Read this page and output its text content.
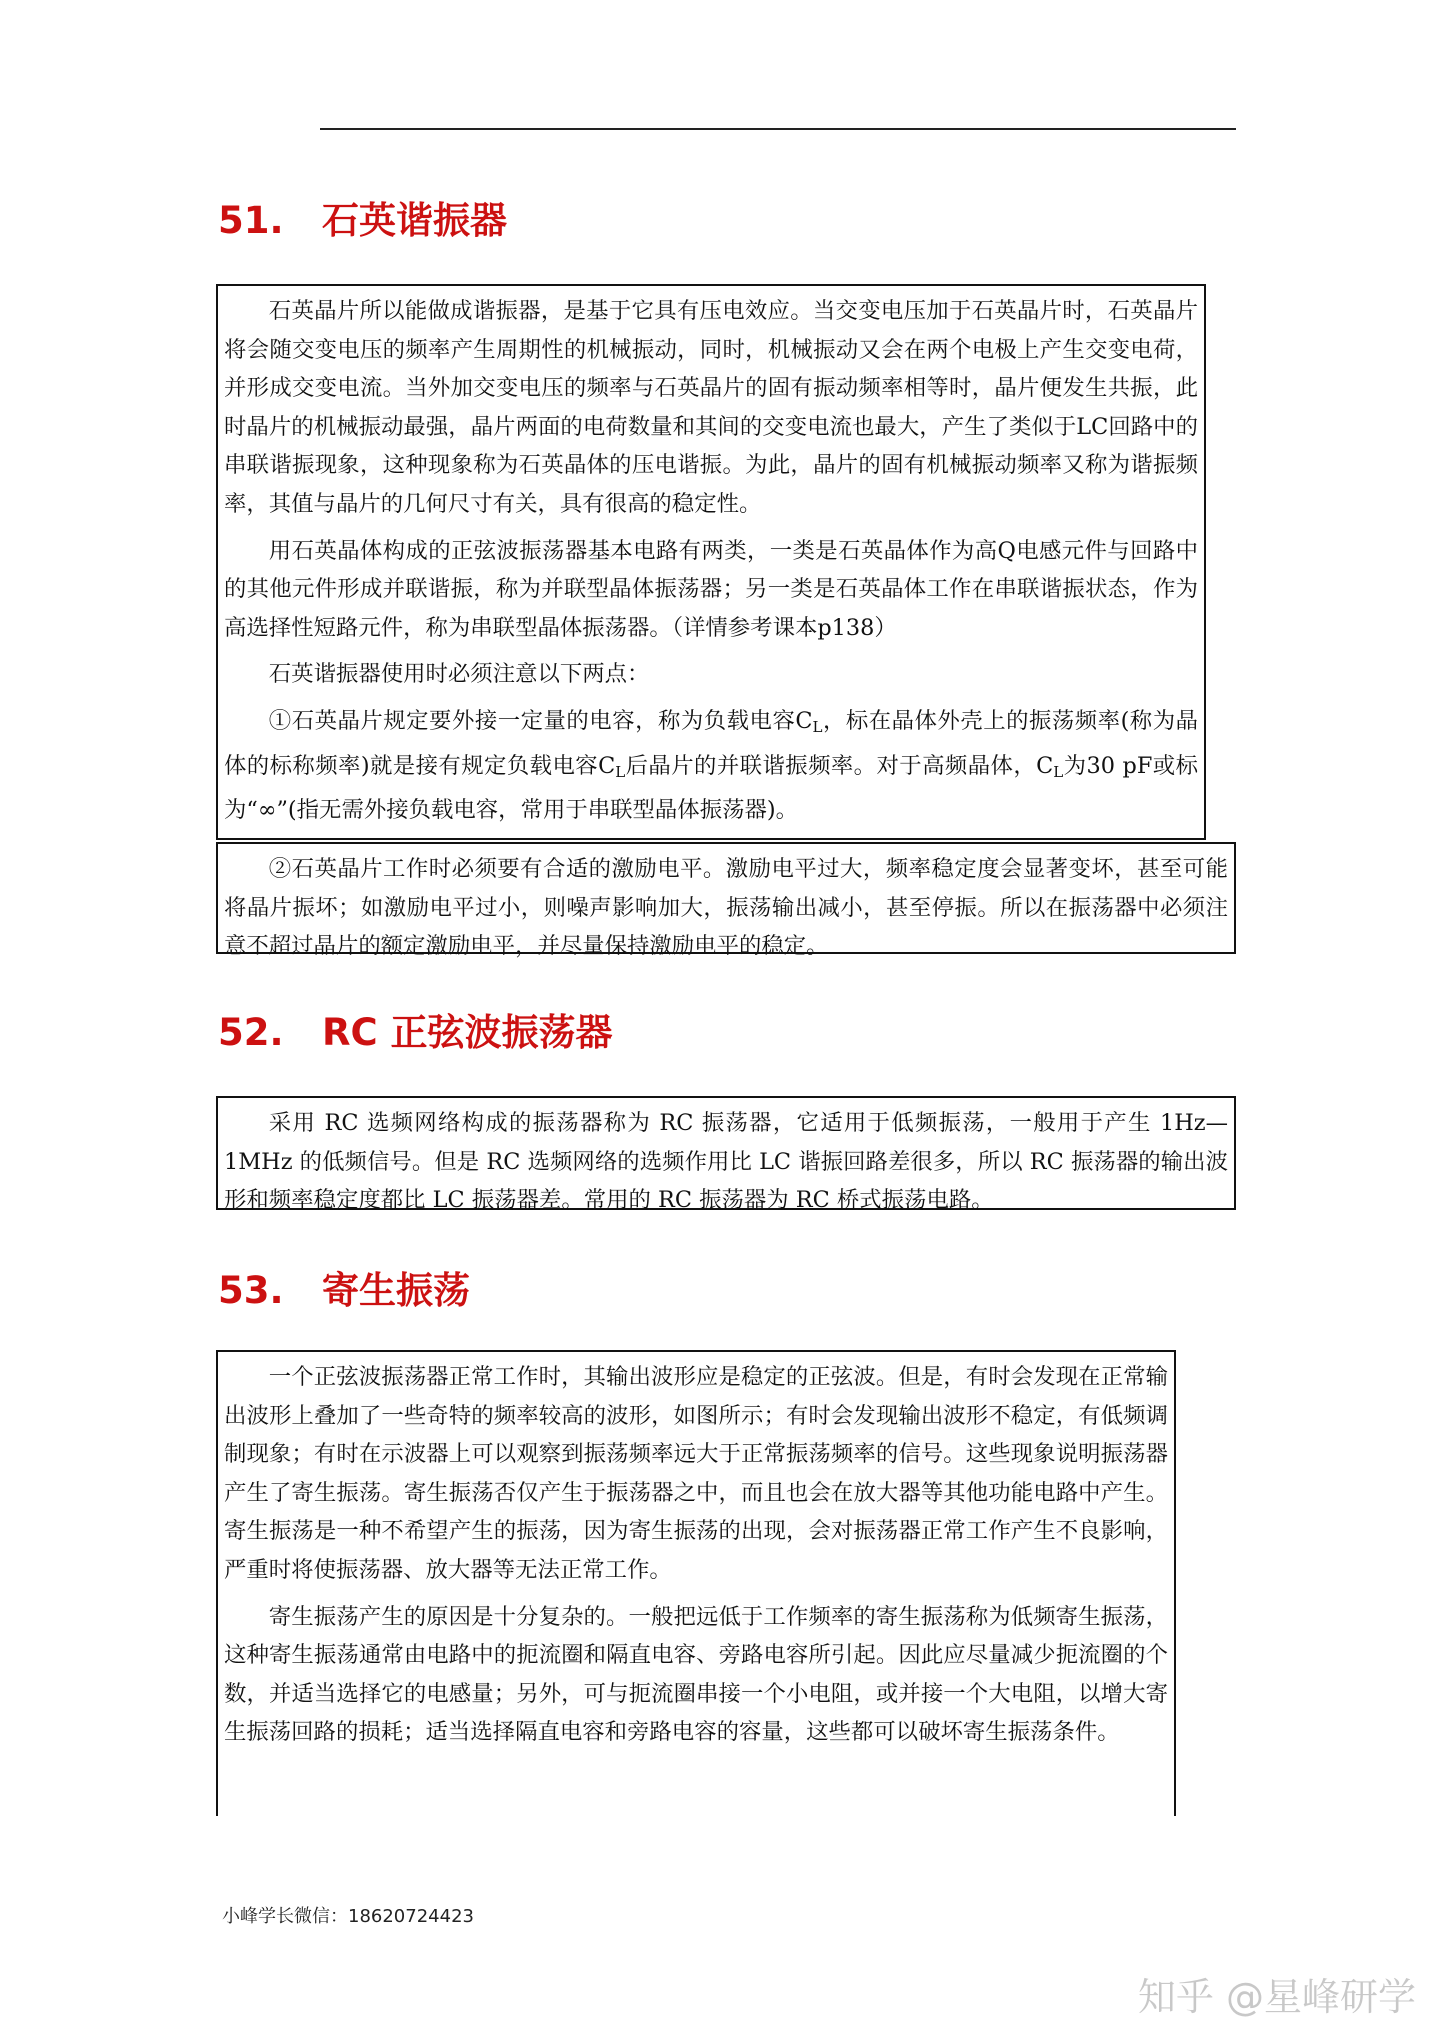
51. 石英谐振器

石英晶片所以能做成谐振器，是基于它具有压电效应。当交变电压加于石英晶片时，石英晶片将会随交变电压的频率产生周期性的机械振动，同时，机械振动又会在两个电极上产生交变电荷，并形成交变电流。当外加交变电压的频率与石英晶片的固有振动频率相等时，晶片便发生共振，此时晶片的机械振动最强，晶片两面的电荷数量和其间的交变电流也最大，产生了类似于LC回路中的串联谐振现象，这种现象称为石英晶体的压电谐振。为此，晶片的固有机械振动频率又称为谐振频率，其值与晶片的几何尺寸有关，具有很高的稳定性。

用石英晶体构成的正弦波振荡器基本电路有两类，一类是石英晶体作为高Q电感元件与回路中的其他元件形成并联谐振，称为并联型晶体振荡器；另一类是石英晶体工作在串联谐振状态，作为高选择性短路元件，称为串联型晶体振荡器。（详情参考课本p138）

石英谐振器使用时必须注意以下两点：

①石英晶片规定要外接一定量的电容，称为负载电容$C_L$，标在晶体外壳上的振荡频率(称为晶体的标称频率)就是接有规定负载电容$C_L$后晶片的并联谐振频率。对于高频晶体，$C_L$为30 pF或标为“∞”(指无需外接负载电容，常用于串联型晶体振荡器)。

②石英晶片工作时必须要有合适的激励电平。激励电平过大，频率稳定度会显著变坏，甚至可能将晶片振坏；如激励电平过小，则噪声影响加大，振荡输出减小，甚至停振。所以在振荡器中必须注意不超过晶片的额定激励电平，并尽量保持激励电平的稳定。

52. RC 正弦波振荡器

采用 RC 选频网络构成的振荡器称为 RC 振荡器，它适用于低频振荡，一般用于产生 1Hz—1MHz 的低频信号。但是 RC 选频网络的选频作用比 LC 谐振回路差很多，所以 RC 振荡器的输出波形和频率稳定度都比 LC 振荡器差。常用的 RC 振荡器为 RC 桥式振荡电路。

53. 寄生振荡

一个正弦波振荡器正常工作时，其输出波形应是稳定的正弦波。但是，有时会发现在正常输出波形上叠加了一些奇特的频率较高的波形，如图所示；有时会发现输出波形不稳定，有低频调制现象；有时在示波器上可以观察到振荡频率远大于正常振荡频率的信号。这些现象说明振荡器产生了寄生振荡。寄生振荡否仅产生于振荡器之中，而且也会在放大器等其他功能电路中产生。寄生振荡是一种不希望产生的振荡，因为寄生振荡的出现，会对振荡器正常工作产生不良影响，严重时将使振荡器、放大器等无法正常工作。

寄生振荡产生的原因是十分复杂的。一般把远低于工作频率的寄生振荡称为低频寄生振荡，这种寄生振荡通常由电路中的扼流圈和隔直电容、旁路电容所引起。因此应尽量减少扼流圈的个数，并适当选择它的电感量；另外，可与扼流圈串接一个小电阻，或并接一个大电阻，以增大寄生振荡回路的损耗；适当选择隔直电容和旁路电容的容量，这些都可以破坏寄生振荡条件。

小峰学长微信：18620724423
知乎 @星峰研学
